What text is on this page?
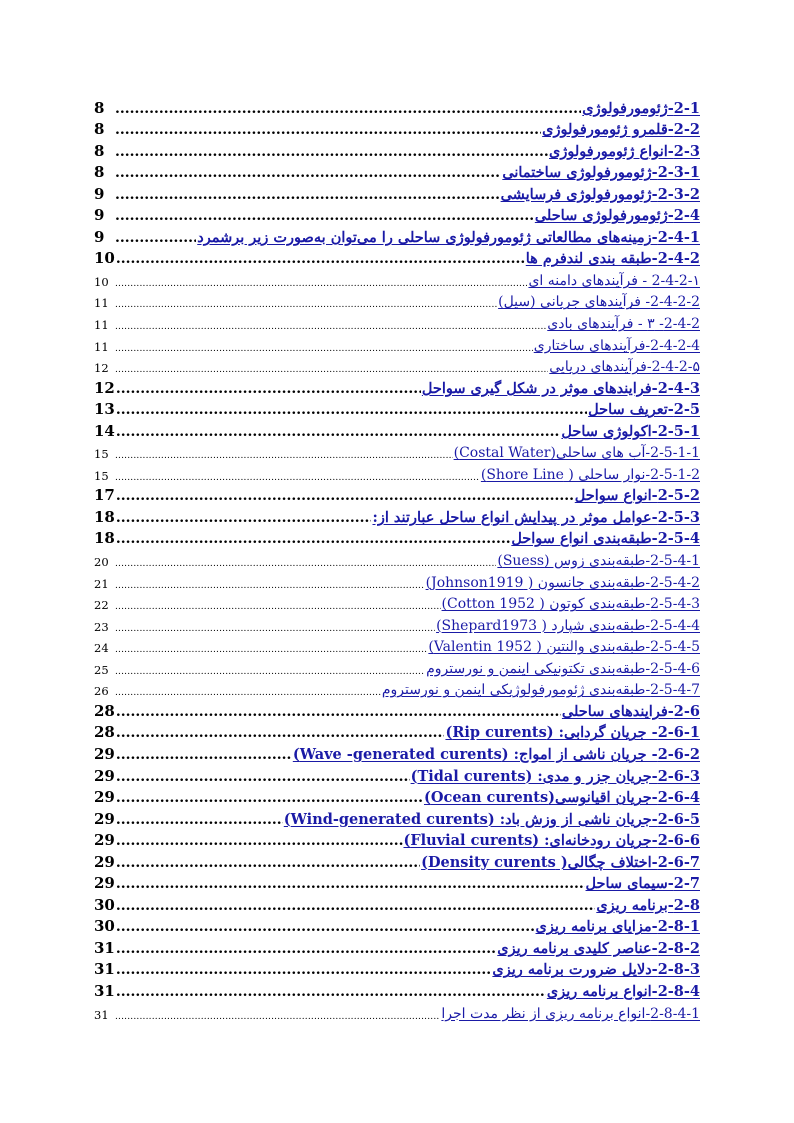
2-1-ژئومورفولوژی
.....
8
2-2-قلمرو ژئومورفولوژی
.....
8
2-3-انواع ژئومورفولوژی
.....
8
2-3-1-ژئومورفولوژی ساختمانی
.....
8
2-3-2-ژئومورفولوژی فرسایشی
.....
9
2-4-ژئومورفولوژی ساحلی
.....
9
2-4-1-زمینه‌های مطالعاتی ژئومورفولوژی ساحلی را می‌توان به‌صورت زیر برشمرد
.....
9
2-4-2-طبقه بندی لندفرم ها
.....
10
2-4-2-۱ - فرآیندهای دامنه ای
.....
10
2-4-2-2- فرآیندهای جریانی (سیل)
.....
11
2-4-2- ۳ - فرآیندهای بادی
.....
11
2-4-2-4-فرآیندهای ساختاری
.....
11
2-4-2-۵-فرآیندهای دریایی
.....
12
2-4-3-فرایندهای موثر در شکل گیری سواحل
.....
12
2-5-تعریف ساحل
.....
13
2-5-1-اکولوژی ساحل
.....
14
2-5-1-1-آب های ساحلی(Costal Water)
.....
15
2-5-1-2-نوار ساحلی ( Shore Line)
.....
15
2-5-2-انواع سواحل
.....
17
2-5-3-عوامل موثر در پیدایش انواع ساحل عبارتند از:
.....
18
2-5-4-طبقه‌بندی انواع سواحل
.....
18
2-5-4-1-طبقه‌بندی زوس (Suess)
.....
20
2-5-4-2-طبقه‌بندی جانسون ( Johnson1919)
.....
21
2-5-4-3-طبقه‌بندی کوتون ( Cotton 1952)
.....
22
2-5-4-4-طبقه‌بندی شپارد ( Shepard1973)
.....
23
2-5-4-5-طبقه‌بندی والنتین ( Valentin 1952)
.....
24
2-5-4-6-طبقه‌بندی تکتونیکی اینمن و نورستروم
.....
25
2-5-4-7-طبقه‌بندی ژئومورفولوژیکی اینمن و نورستروم
.....
26
2-6-فرایندهای ساحلی
.....
28
2-6-1- جریان گردابی: (Rip curents)
.....
28
2-6-2- جریان ناشی از امواج: (Wave -generated curents)
.....
29
2-6-3-جریان جزر و مدی: (Tidal curents)
.....
29
2-6-4-جریان اقیانوسی(Ocean curents)
.....
29
2-6-5-جریان ناشی از وزش باد: (Wind-generated curents)
.....
29
2-6-6-جریان رودخانه‌ای: (Fluvial curents)
.....
29
2-6-7-اختلاف چگالی( Density curents)
.....
29
2-7-سیمای ساحل
.....
29
2-8-برنامه ریزی
.....
30
2-8-1-مزایای برنامه ریزی
.....
30
2-8-2-عناصر کلیدی برنامه ریزی
.....
31
2-8-3-دلایل ضرورت برنامه ریزی
.....
31
2-8-4-انواع برنامه ریزی
.....
31
2-8-4-1-انواع برنامه ریزی از نظر مدت اجرا
.....
31
